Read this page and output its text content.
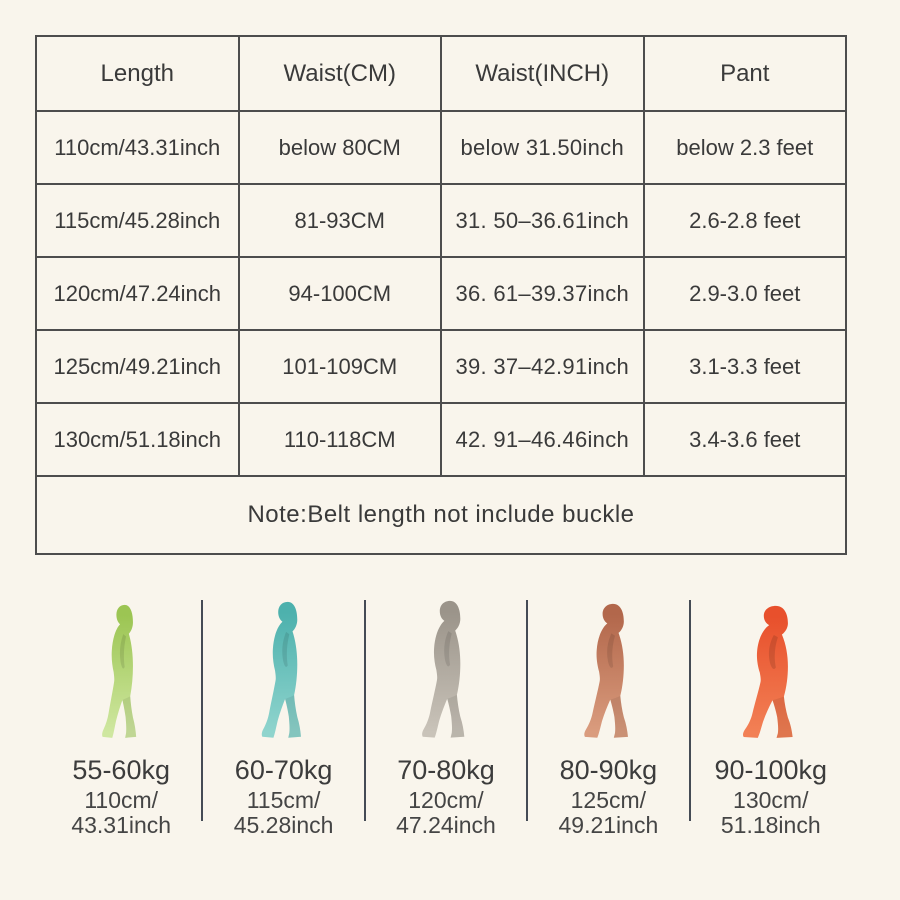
Length	Waist(CM)	Waist(INCH)	Pant
110cm/43.31inch	below 80CM	below 31.50inch	below 2.3 feet
115cm/45.28inch	81-93CM	31. 50–36.61inch	2.6-2.8 feet
120cm/47.24inch	94-100CM	36. 61–39.37inch	2.9-3.0 feet
125cm/49.21inch	101-109CM	39. 37–42.91inch	3.1-3.3 feet
130cm/51.18inch	110-118CM	42. 91–46.46inch	3.4-3.6 feet
Note:Belt length not include buckle			
55-60kg
110cm/
43.31inch
60-70kg
115cm/
45.28inch
70-80kg
120cm/
47.24inch
80-90kg
125cm/
49.21inch
90-100kg
130cm/
51.18inch
